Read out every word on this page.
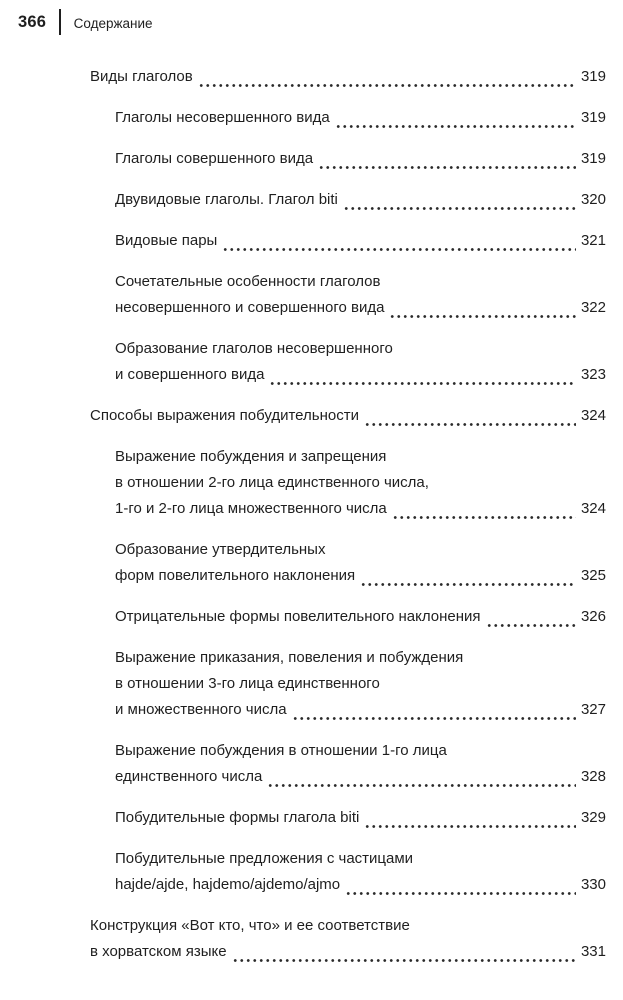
366 Содержание
Виды глаголов	319
Глаголы несовершенного вида	319
Глаголы совершенного вида	319
Двувидовые глаголы. Глагол biti	320
Видовые пары	321
Сочетательные особенности глаголов
несовершенного и совершенного вида	322
Образование глаголов несовершенного
и совершенного вида	323
Способы выражения побудительности	324
Выражение побуждения и запрещения
в отношении 2-го лица единственного числа,
1-го и 2-го лица множественного числа	324
Образование утвердительных
форм повелительного наклонения	325
Отрицательные формы повелительного наклонения	326
Выражение приказания, повеления и побуждения
в отношении 3-го лица единственного
и множественного числа	327
Выражение побуждения в отношении 1-го лица
единственного числа	328
Побудительные формы глагола biti	329
Побудительные предложения с частицами
hajde/ajde, hajdemo/ajdemo/ajmo	330
Конструкция «Вот кто, что» и ее соответствие
в хорватском языке	331
